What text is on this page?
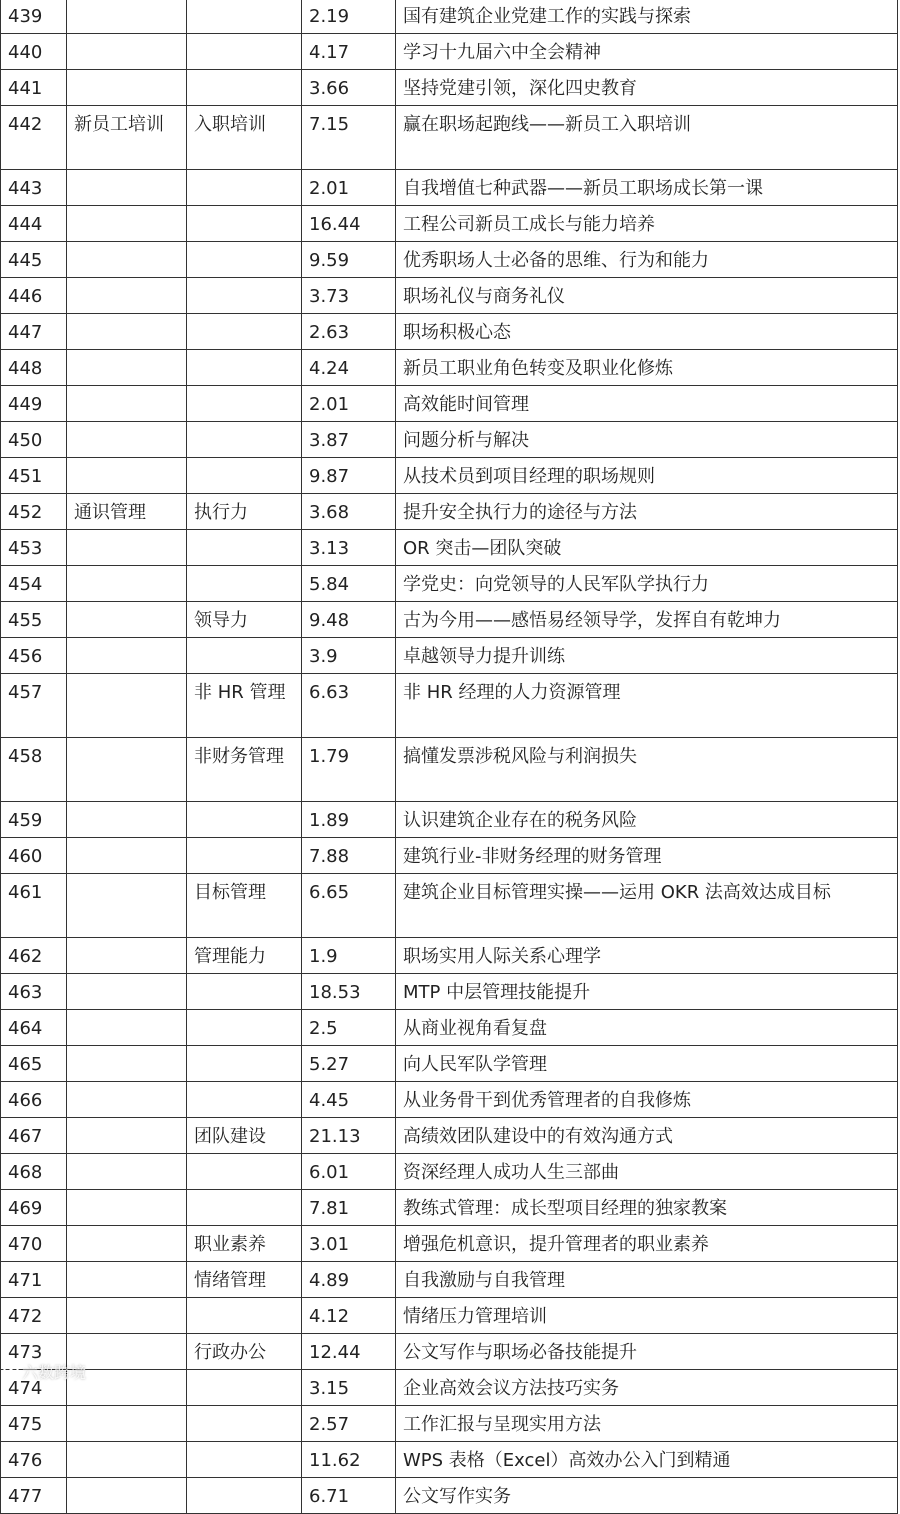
439			2.19	国有建筑企业党建工作的实践与探索
440			4.17	学习十九届六中全会精神
441			3.66	坚持党建引领，深化四史教育
442	新员工培训	入职培训	7.15	赢在职场起跑线——新员工入职培训
443			2.01	自我增值七种武器——新员工职场成长第一课
444			16.44	工程公司新员工成长与能力培养
445			9.59	优秀职场人士必备的思维、行为和能力
446			3.73	职场礼仪与商务礼仪
447			2.63	职场积极心态
448			4.24	新员工职业角色转变及职业化修炼
449			2.01	高效能时间管理
450			3.87	问题分析与解决
451			9.87	从技术员到项目经理的职场规则
452	通识管理	执行力	3.68	提升安全执行力的途径与方法
453			3.13	OR 突击—团队突破
454			5.84	学党史：向党领导的人民军队学执行力
455		领导力	9.48	古为今用——感悟易经领导学，发挥自有乾坤力
456			3.9	卓越领导力提升训练
457		非 HR 管理	6.63	非 HR 经理的人力资源管理
458		非财务管理	1.79	搞懂发票涉税风险与利润损失
459			1.89	认识建筑企业存在的税务风险
460			7.88	建筑行业-非财务经理的财务管理
461		目标管理	6.65	建筑企业目标管理实操——运用 OKR 法高效达成目标
462		管理能力	1.9	职场实用人际关系心理学
463			18.53	MTP 中层管理技能提升
464			2.5	从商业视角看复盘
465			5.27	向人民军队学管理
466			4.45	从业务骨干到优秀管理者的自我修炼
467		团队建设	21.13	高绩效团队建设中的有效沟通方式
468			6.01	资深经理人成功人生三部曲
469			7.81	教练式管理：成长型项目经理的独家教案
470		职业素养	3.01	增强危机意识，提升管理者的职业素养
471		情绪管理	4.89	自我激励与自我管理
472			4.12	情绪压力管理培训
473		行政办公	12.44	公文写作与职场必备技能提升
474			3.15	企业高效会议方法技巧实务
475			2.57	工作汇报与呈现实用方法
476			11.62	WPS 表格（Excel）高效办公入门到精通
477			6.71	公文写作实务
六数跨境
